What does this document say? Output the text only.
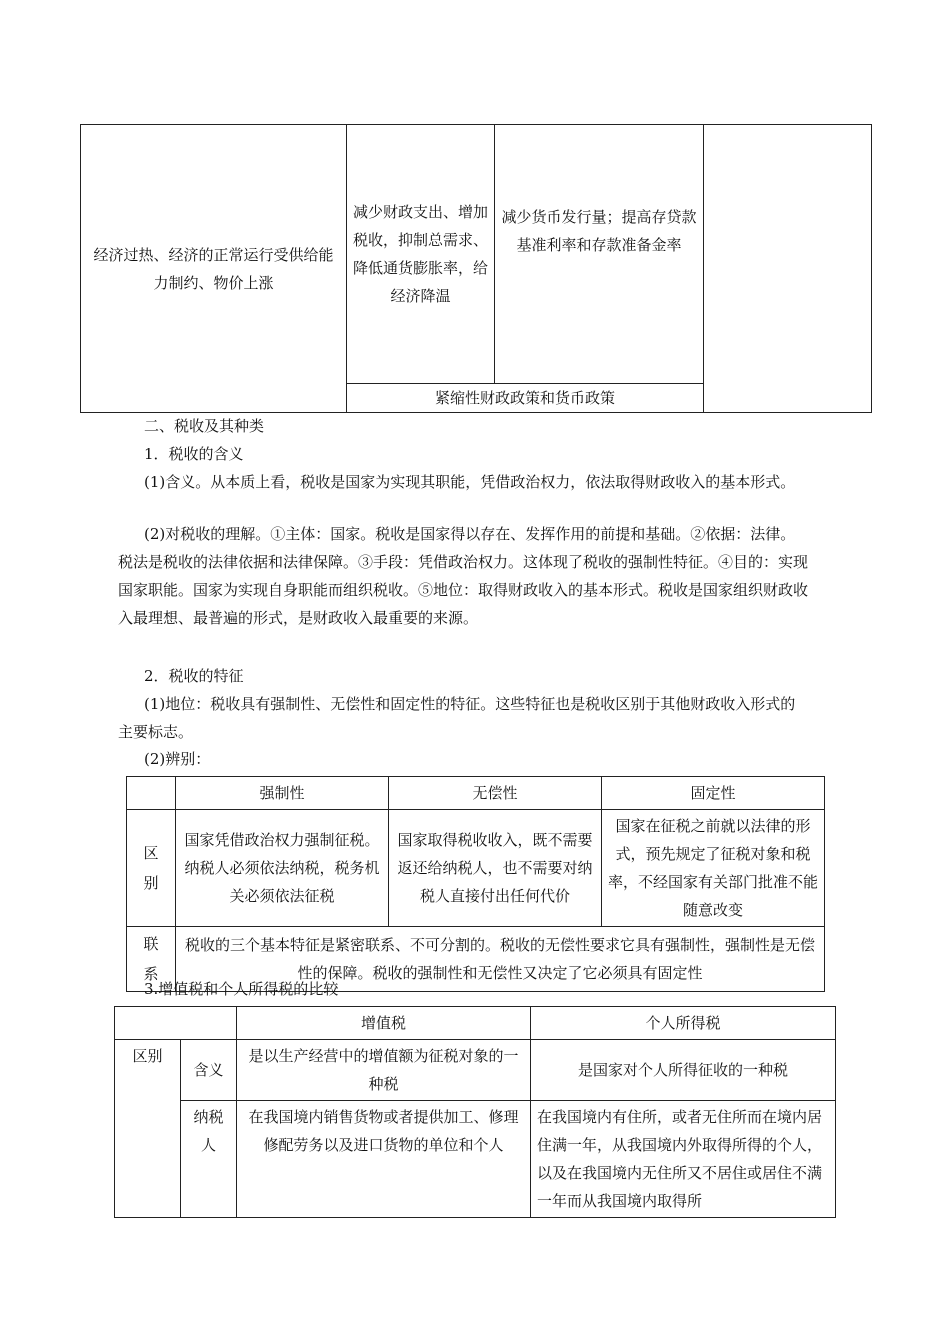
经济过热、经济的正常运行受供给能力制约、物价上涨	减少财政支出、增加税收，抑制总需求、降低通货膨胀率，给经济降温	减少货币发行量；提高存贷款基准利率和存款准备金率	
紧缩性财政政策和货币政策

二、税收及其种类

1．税收的含义

(1)含义。从本质上看，税收是国家为实现其职能，凭借政治权力，依法取得财政收入的基本形式。

(2)对税收的理解。①主体：国家。税收是国家得以存在、发挥作用的前提和基础。②依据：法律。税法是税收的法律依据和法律保障。③手段：凭借政治权力。这体现了税收的强制性特征。④目的：实现国家职能。国家为实现自身职能而组织税收。⑤地位：取得财政收入的基本形式。税收是国家组织财政收入最理想、最普遍的形式，是财政收入最重要的来源。

2．税收的特征

(1)地位：税收具有强制性、无偿性和固定性的特征。这些特征也是税收区别于其他财政收入形式的主要标志。

(2)辨别：

	强制性	无偿性	固定性
区别	国家凭借政治权力强制征税。纳税人必须依法纳税，税务机关必须依法征税	国家取得税收收入，既不需要返还给纳税人，也不需要对纳税人直接付出任何代价	国家在征税之前就以法律的形式，预先规定了征税对象和税率，不经国家有关部门批准不能随意改变
联系	税收的三个基本特征是紧密联系、不可分割的。税收的无偿性要求它具有强制性，强制性是无偿性的保障。税收的强制性和无偿性又决定了它必须具有固定性		

3.增值税和个人所得税的比较

		增值税	个人所得税
区别	含义	是以生产经营中的增值额为征税对象的一种税	是国家对个人所得征收的一种税
	纳税人	在我国境内销售货物或者提供加工、修理修配劳务以及进口货物的单位和个人	在我国境内有住所，或者无住所而在境内居住满一年，从我国境内外取得所得的个人，以及在我国境内无住所又不居住或居住不满一年而从我国境内取得所
